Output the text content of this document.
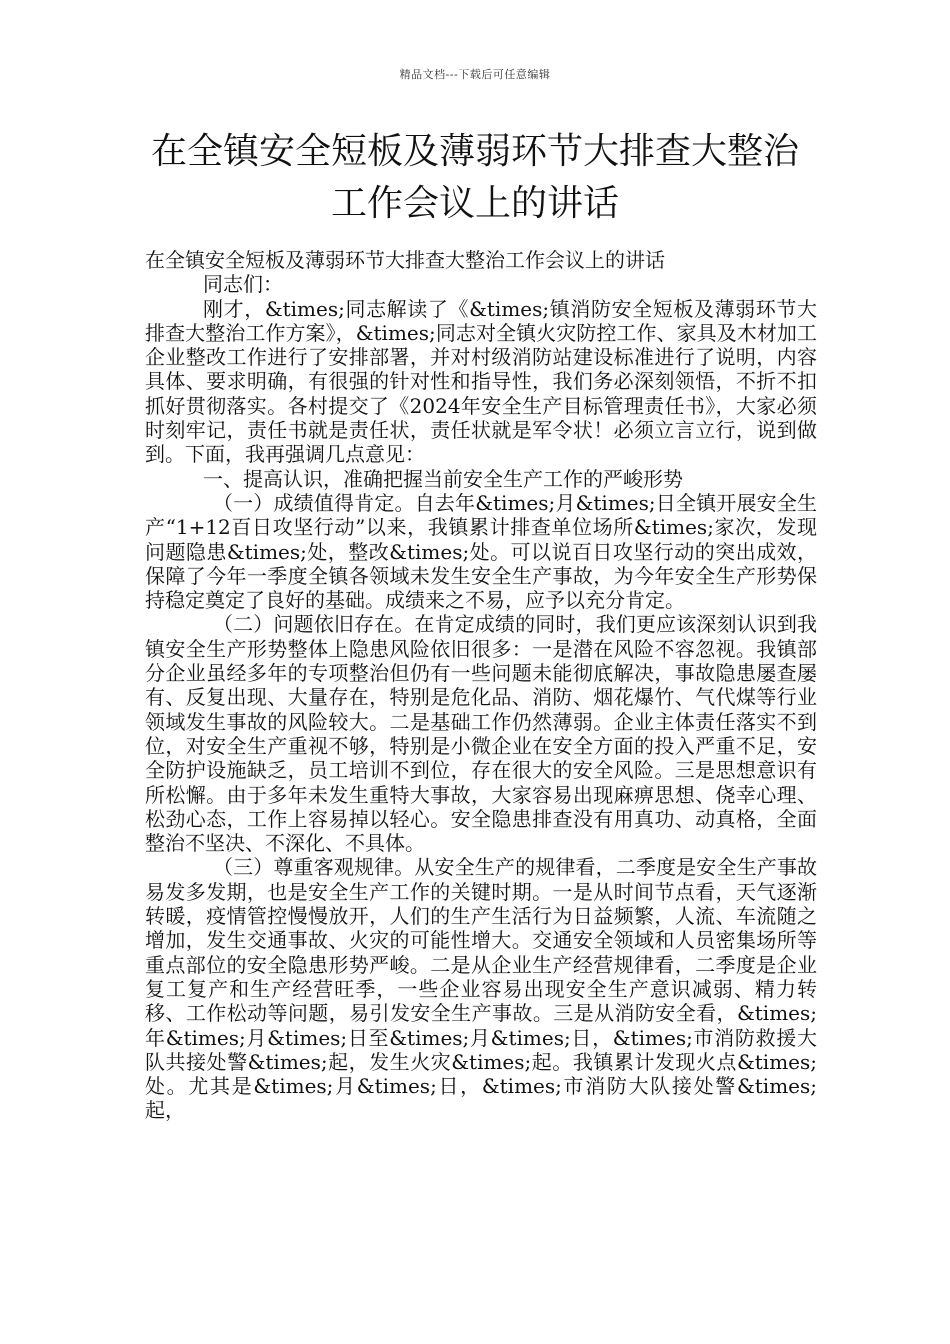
精品文档---下载后可任意编辑
在全镇安全短板及薄弱环节大排查大整治
工作会议上的讲话

在全镇安全短板及薄弱环节大排查大整治工作会议上的讲话

同志们：

刚才，&times;同志解读了《&times;镇消防安全短板及薄弱环节大排查大整治工作方案》，&times;同志对全镇火灾防控工作、家具及木材加工企业整改工作进行了安排部署，并对村级消防站建设标准进行了说明，内容具体、要求明确，有很强的针对性和指导性，我们务必深刻领悟，不折不扣抓好贯彻落实。各村提交了《2024年安全生产目标管理责任书》，大家必须时刻牢记，责任书就是责任状，责任状就是军令状！必须立言立行，说到做到。下面，我再强调几点意见：

一、提高认识，准确把握当前安全生产工作的严峻形势

（一）成绩值得肯定。自去年&times;月&times;日全镇开展安全生产“1+12百日攻坚行动”以来，我镇累计排查单位场所&times;家次，发现问题隐患&times;处，整改&times;处。可以说百日攻坚行动的突出成效，保障了今年一季度全镇各领域未发生安全生产事故，为今年安全生产形势保持稳定奠定了良好的基础。成绩来之不易，应予以充分肯定。

（二）问题依旧存在。在肯定成绩的同时，我们更应该深刻认识到我镇安全生产形势整体上隐患风险依旧很多：一是潜在风险不容忽视。我镇部分企业虽经多年的专项整治但仍有一些问题未能彻底解决，事故隐患屡查屡有、反复出现、大量存在，特别是危化品、消防、烟花爆竹、气代煤等行业领域发生事故的风险较大。二是基础工作仍然薄弱。企业主体责任落实不到位，对安全生产重视不够，特别是小微企业在安全方面的投入严重不足，安全防护设施缺乏，员工培训不到位，存在很大的安全风险。三是思想意识有所松懈。由于多年未发生重特大事故，大家容易出现麻痹思想、侥幸心理、松劲心态，工作上容易掉以轻心。安全隐患排查没有用真功、动真格，全面整治不坚决、不深化、不具体。

（三）尊重客观规律。从安全生产的规律看，二季度是安全生产事故易发多发期，也是安全生产工作的关键时期。一是从时间节点看，天气逐渐转暖，疫情管控慢慢放开，人们的生产生活行为日益频繁，人流、车流随之增加，发生交通事故、火灾的可能性增大。交通安全领域和人员密集场所等重点部位的安全隐患形势严峻。二是从企业生产经营规律看，二季度是企业复工复产和生产经营旺季，一些企业容易出现安全生产意识减弱、精力转移、工作松动等问题，易引发安全生产事故。三是从消防安全看，&times;年&times;月&times;日至&times;月&times;日，&times;市消防救援大队共接处警&times;起，发生火灾&times;起。我镇累计发现火点&times;处。尤其是&times;月&times;日，&times;市消防大队接处警&times;起，
